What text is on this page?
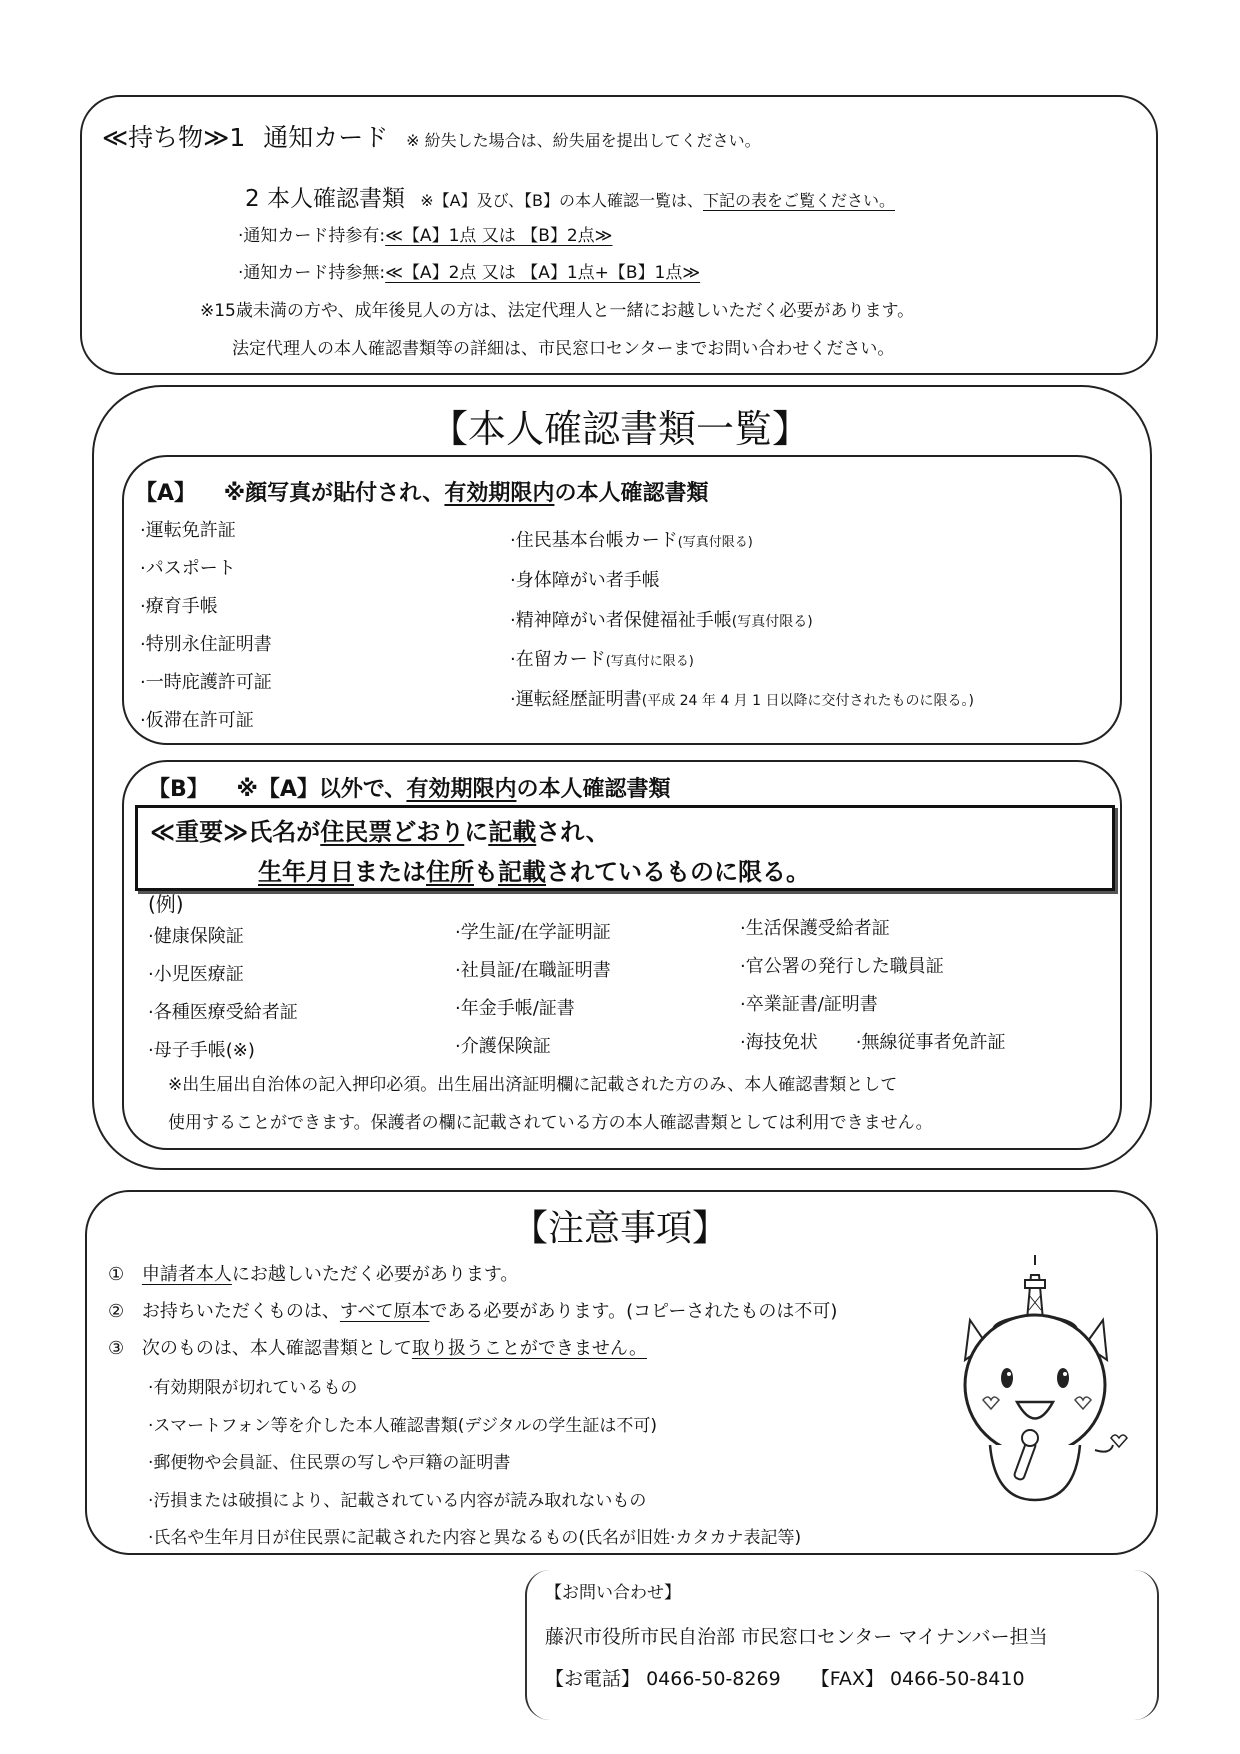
≪持ち物≫1 通知カード ※ 紛失した場合は、紛失届を提出してください。
2 本人確認書類 ※【A】及び、【B】の本人確認一覧は、下記の表をご覧ください。
·通知カード持参有:≪【A】1点 又は 【B】2点≫
·通知カード持参無:≪【A】2点 又は 【A】1点+【B】1点≫
※15歳未満の方や、成年後見人の方は、法定代理人と一緒にお越しいただく必要があります。
法定代理人の本人確認書類等の詳細は、市民窓口センターまでお問い合わせください。
【本人確認書類一覧】
【A】 ※顔写真が貼付され、有効期限内の本人確認書類
·運転免許証
·パスポート
·療育手帳
·特別永住証明書
·一時庇護許可証
·仮滞在許可証
·住民基本台帳カード(写真付限る)
·身体障がい者手帳
·精神障がい者保健福祉手帳(写真付限る)
·在留カード(写真付に限る)
·運転経歴証明書(平成 24 年 4 月 1 日以降に交付されたものに限る。)
【B】 ※【A】以外で、有効期限内の本人確認書類
≪重要≫氏名が住民票どおりに記載され、
生年月日または住所も記載されているものに限る。
(例)
·健康保険証
·小児医療証
·各種医療受給者証
·母子手帳(※)
·学生証/在学証明証
·社員証/在職証明書
·年金手帳/証書
·介護保険証
·生活保護受給者証
·官公署の発行した職員証
·卒業証書/証明書
·海技免状 ·無線従事者免許証
※出生届出自治体の記入押印必須。出生届出済証明欄に記載された方のみ、本人確認書類として
使用することができます。保護者の欄に記載されている方の本人確認書類としては利用できません。
【注意事項】
① 申請者本人にお越しいただく必要があります。
② お持ちいただくものは、すべて原本である必要があります。(コピーされたものは不可)
③ 次のものは、本人確認書類として取り扱うことができません。
·有効期限が切れているもの
·スマートフォン等を介した本人確認書類(デジタルの学生証は不可)
·郵便物や会員証、住民票の写しや戸籍の証明書
·汚損または破損により、記載されている内容が読み取れないもの
·氏名や生年月日が住民票に記載された内容と異なるもの(氏名が旧姓·カタカナ表記等)
【お問い合わせ】
藤沢市役所市民自治部 市民窓口センター マイナンバー担当
【お電話】 0466-50-8269 【FAX】 0466-50-8410
